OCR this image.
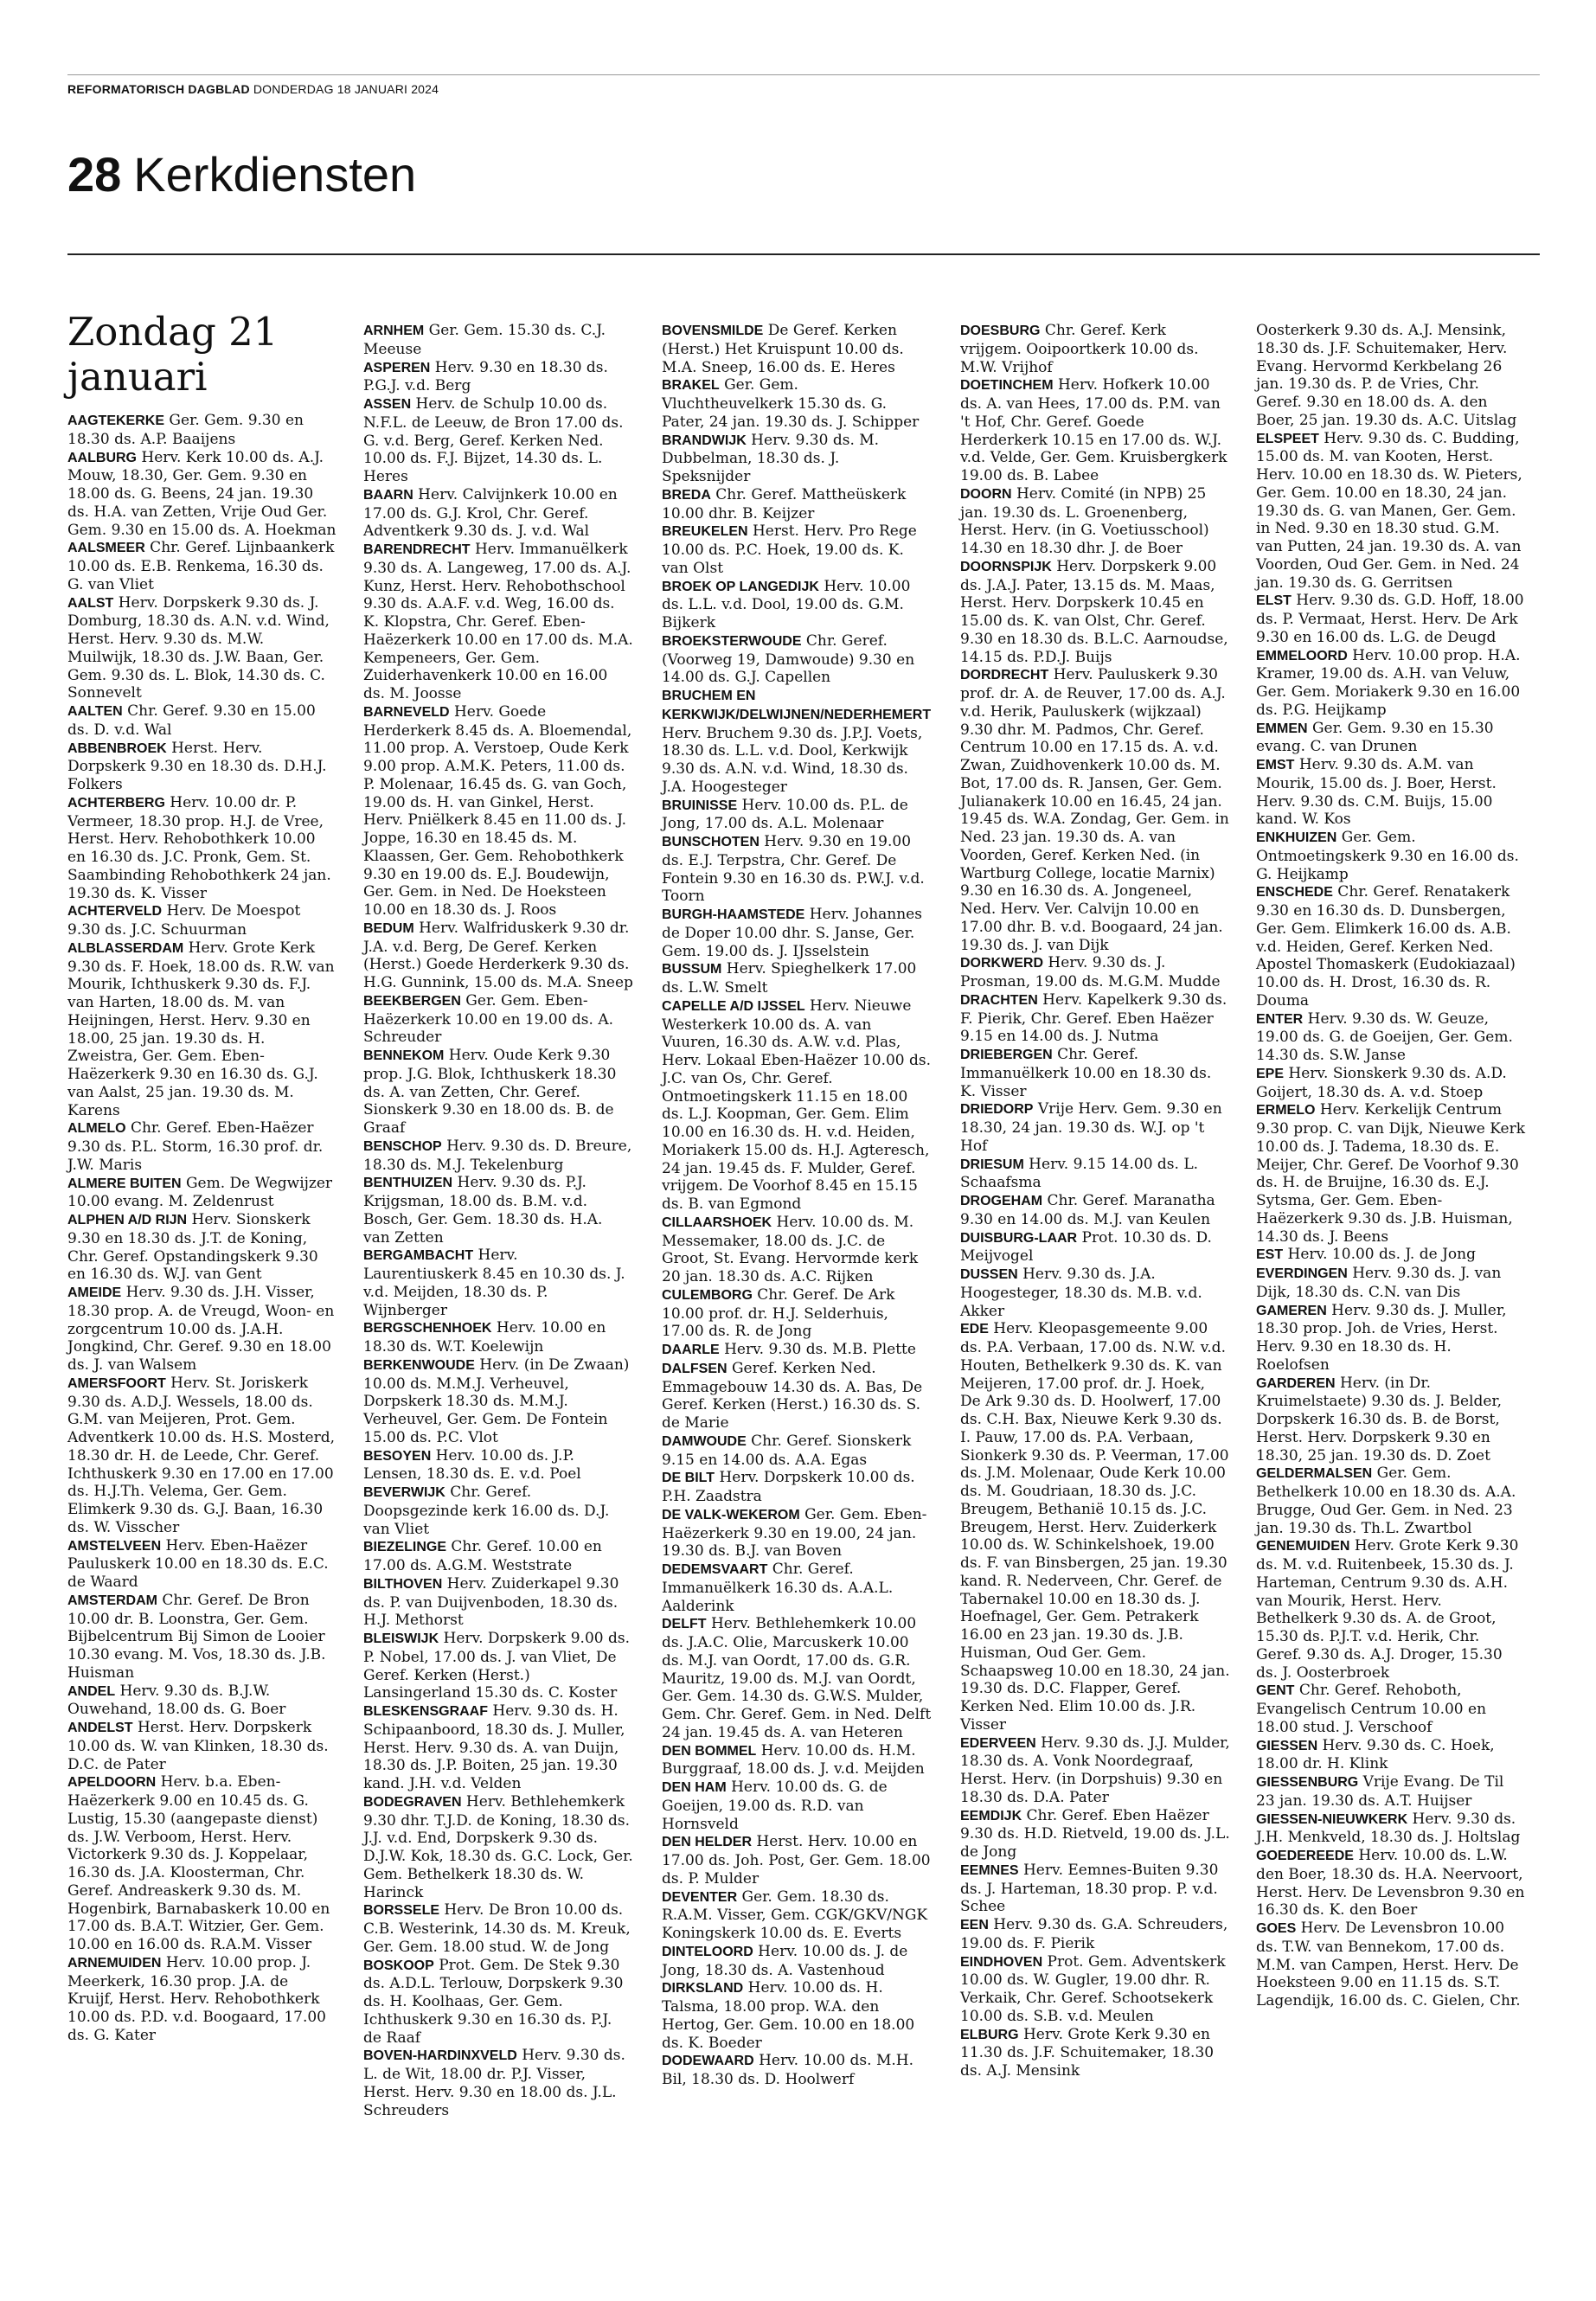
REFORMATORISCH DAGBLAD DONDERDAG 18 JANUARI 2024
28 Kerkdiensten
Zondag 21 januari

AAGTEKERKE Ger. Gem. 9.30 en 18.30 ds. A.P. Baaijens

AALBURG Herv. Kerk 10.00 ds. A.J. Mouw, 18.30, Ger. Gem. 9.30 en 18.00 ds. G. Beens, 24 jan. 19.30 ds. H.A. van Zetten, Vrije Oud Ger. Gem. 9.30 en 15.00 ds. A. Hoekman

AALSMEER Chr. Geref. Lijnbaankerk 10.00 ds. E.B. Renkema, 16.30 ds. G. van Vliet

AALST Herv. Dorpskerk 9.30 ds. J. Domburg, 18.30 ds. A.N. v.d. Wind, Herst. Herv. 9.30 ds. M.W. Muilwijk, 18.30 ds. J.W. Baan, Ger. Gem. 9.30 ds. L. Blok, 14.30 ds. C. Sonnevelt

AALTEN Chr. Geref. 9.30 en 15.00 ds. D. v.d. Wal

ABBENBROEK Herst. Herv. Dorpskerk 9.30 en 18.30 ds. D.H.J. Folkers

ACHTERBERG Herv. 10.00 dr. P. Vermeer, 18.30 prop. H.J. de Vree, Herst. Herv. Rehobothkerk 10.00 en 16.30 ds. J.C. Pronk, Gem. St. Saambinding Rehobothkerk 24 jan. 19.30 ds. K. Visser

ACHTERVELD Herv. De Moespot 9.30 ds. J.C. Schuurman

ALBLASSERDAM Herv. Grote Kerk 9.30 ds. F. Hoek, 18.00 ds. R.W. van Mourik, Ichthuskerk 9.30 ds. F.J. van Harten, 18.00 ds. M. van Heijningen, Herst. Herv. 9.30 en 18.00, 25 jan. 19.30 ds. H. Zweistra, Ger. Gem. Eben-Haëzerkerk 9.30 en 16.30 ds. G.J. van Aalst, 25 jan. 19.30 ds. M. Karens

ALMELO Chr. Geref. Eben-Haëzer 9.30 ds. P.L. Storm, 16.30 prof. dr. J.W. Maris

ALMERE BUITEN Gem. De Wegwijzer 10.00 evang. M. Zeldenrust

ALPHEN A/D RIJN Herv. Sionskerk 9.30 en 18.30 ds. J.T. de Koning, Chr. Geref. Opstandingskerk 9.30 en 16.30 ds. W.J. van Gent

AMEIDE Herv. 9.30 ds. J.H. Visser, 18.30 prop. A. de Vreugd, Woon- en zorgcentrum 10.00 ds. J.A.H. Jongkind, Chr. Geref. 9.30 en 18.00 ds. J. van Walsem

AMERSFOORT Herv. St. Joriskerk 9.30 ds. A.D.J. Wessels, 18.00 ds. G.M. van Meijeren, Prot. Gem. Adventkerk 10.00 ds. H.S. Mosterd, 18.30 dr. H. de Leede, Chr. Geref. Ichthuskerk 9.30 en 17.00 en 17.00 ds. H.J.Th. Velema, Ger. Gem. Elimkerk 9.30 ds. G.J. Baan, 16.30 ds. W. Visscher

AMSTELVEEN Herv. Eben-Haëzer Pauluskerk 10.00 en 18.30 ds. E.C. de Waard

AMSTERDAM Chr. Geref. De Bron 10.00 dr. B. Loonstra, Ger. Gem. Bijbelcentrum Bij Simon de Looier 10.30 evang. M. Vos, 18.30 ds. J.B. Huisman

ANDEL Herv. 9.30 ds. B.J.W. Ouwehand, 18.00 ds. G. Boer

ANDELST Herst. Herv. Dorpskerk 10.00 ds. W. van Klinken, 18.30 ds. D.C. de Pater

APELDOORN Herv. b.a. Eben-Haëzerkerk 9.00 en 10.45 ds. G. Lustig, 15.30 (aangepaste dienst) ds. J.W. Verboom, Herst. Herv. Victorkerk 9.30 ds. J. Koppelaar, 16.30 ds. J.A. Kloosterman, Chr. Geref. Andreaskerk 9.30 ds. M. Hogenbirk, Barnabaskerk 10.00 en 17.00 ds. B.A.T. Witzier, Ger. Gem. 10.00 en 16.00 ds. R.A.M. Visser

ARNEMUIDEN Herv. 10.00 prop. J. Meerkerk, 16.30 prop. J.A. de Kruijf, Herst. Herv. Rehobothkerk 10.00 ds. P.D. v.d. Boogaard, 17.00 ds. G. Kater

ARNHEM Ger. Gem. 15.30 ds. C.J. Meeuse

ASPEREN Herv. 9.30 en 18.30 ds. P.G.J. v.d. Berg

ASSEN Herv. de Schulp 10.00 ds. N.F.L. de Leeuw, de Bron 17.00 ds. G. v.d. Berg, Geref. Kerken Ned. 10.00 ds. F.J. Bijzet, 14.30 ds. L. Heres

BAARN Herv. Calvijnkerk 10.00 en 17.00 ds. G.J. Krol, Chr. Geref. Adventkerk 9.30 ds. J. v.d. Wal

BARENDRECHT Herv. Immanuëlkerk 9.30 ds. A. Langeweg, 17.00 ds. A.J. Kunz, Herst. Herv. Rehobothschool 9.30 ds. A.A.F. v.d. Weg, 16.00 ds. K. Klopstra, Chr. Geref. Eben-Haëzerkerk 10.00 en 17.00 ds. M.A. Kempeneers, Ger. Gem. Zuiderhavenkerk 10.00 en 16.00 ds. M. Joosse

BARNEVELD Herv. Goede Herderkerk 8.45 ds. A. Bloemendal, 11.00 prop. A. Verstoep, Oude Kerk 9.00 prop. A.M.K. Peters, 11.00 ds. P. Molenaar, 16.45 ds. G. van Goch, 19.00 ds. H. van Ginkel, Herst. Herv. Pniëlkerk 8.45 en 11.00 ds. J. Joppe, 16.30 en 18.45 ds. M. Klaassen, Ger. Gem. Rehobothkerk 9.30 en 19.00 ds. E.J. Boudewijn, Ger. Gem. in Ned. De Hoeksteen 10.00 en 18.30 ds. J. Roos

BEDUM Herv. Walfriduskerk 9.30 dr. J.A. v.d. Berg, De Geref. Kerken (Herst.) Goede Herderkerk 9.30 ds. H.G. Gunnink, 15.00 ds. M.A. Sneep

BEEKBERGEN Ger. Gem. Eben-Haëzerkerk 10.00 en 19.00 ds. A. Schreuder

BENNEKOM Herv. Oude Kerk 9.30 prop. J.G. Blok, Ichthuskerk 18.30 ds. A. van Zetten, Chr. Geref. Sionskerk 9.30 en 18.00 ds. B. de Graaf

BENSCHOP Herv. 9.30 ds. D. Breure, 18.30 ds. M.J. Tekelenburg

BENTHUIZEN Herv. 9.30 ds. P.J. Krijgsman, 18.00 ds. B.M. v.d. Bosch, Ger. Gem. 18.30 ds. H.A. van Zetten

BERGAMBACHT Herv. Laurentiuskerk 8.45 en 10.30 ds. J. v.d. Meijden, 18.30 ds. P. Wijnberger

BERGSCHENHOEK Herv. 10.00 en 18.30 ds. W.T. Koelewijn

BERKENWOUDE Herv. (in De Zwaan) 10.00 ds. M.M.J. Verheuvel, Dorpskerk 18.30 ds. M.M.J. Verheuvel, Ger. Gem. De Fontein 15.00 ds. P.C. Vlot

BESOYEN Herv. 10.00 ds. J.P. Lensen, 18.30 ds. E. v.d. Poel

BEVERWIJK Chr. Geref. Doopsgezinde kerk 16.00 ds. D.J. van Vliet

BIEZELINGE Chr. Geref. 10.00 en 17.00 ds. A.G.M. Weststrate

BILTHOVEN Herv. Zuiderkapel 9.30 ds. P. van Duijvenboden, 18.30 ds. H.J. Methorst

BLEISWIJK Herv. Dorpskerk 9.00 ds. P. Nobel, 17.00 ds. J. van Vliet, De Geref. Kerken (Herst.) Lansingerland 15.30 ds. C. Koster

BLESKENSGRAAF Herv. 9.30 ds. H. Schipaanboord, 18.30 ds. J. Muller, Herst. Herv. 9.30 ds. A. van Duijn, 18.30 ds. J.P. Boiten, 25 jan. 19.30 kand. J.H. v.d. Velden

BODEGRAVEN Herv. Bethlehemkerk 9.30 dhr. T.J.D. de Koning, 18.30 ds. J.J. v.d. End, Dorpskerk 9.30 ds. D.J.W. Kok, 18.30 ds. G.C. Lock, Ger. Gem. Bethelkerk 18.30 ds. W. Harinck

BORSSELE Herv. De Bron 10.00 ds. C.B. Westerink, 14.30 ds. M. Kreuk, Ger. Gem. 18.00 stud. W. de Jong

BOSKOOP Prot. Gem. De Stek 9.30 ds. A.D.L. Terlouw, Dorpskerk 9.30 ds. H. Koolhaas, Ger. Gem. Ichthuskerk 9.30 en 16.30 ds. P.J. de Raaf

BOVEN-HARDINXVELD Herv. 9.30 ds. L. de Wit, 18.00 dr. P.J. Visser, Herst. Herv. 9.30 en 18.00 ds. J.L. Schreuders

BOVENSMILDE De Geref. Kerken (Herst.) Het Kruispunt 10.00 ds. M.A. Sneep, 16.00 ds. E. Heres

BRAKEL Ger. Gem. Vluchtheuvelkerk 15.30 ds. G. Pater, 24 jan. 19.30 ds. J. Schipper

BRANDWIJK Herv. 9.30 ds. M. Dubbelman, 18.30 ds. J. Speksnijder

BREDA Chr. Geref. Mattheüskerk 10.00 dhr. B. Keijzer

BREUKELEN Herst. Herv. Pro Rege 10.00 ds. P.C. Hoek, 19.00 ds. K. van Olst

BROEK OP LANGEDIJK Herv. 10.00 ds. L.L. v.d. Dool, 19.00 ds. G.M. Bijkerk

BROEKSTERWOUDE Chr. Geref. (Voorweg 19, Damwoude) 9.30 en 14.00 ds. G.J. Capellen

BRUCHEM EN KERKWIJK/DELWIJNEN/NEDERHEMERT Herv. Bruchem 9.30 ds. J.P.J. Voets, 18.30 ds. L.L. v.d. Dool, Kerkwijk 9.30 ds. A.N. v.d. Wind, 18.30 ds. J.A. Hoogesteger

BRUINISSE Herv. 10.00 ds. P.L. de Jong, 17.00 ds. A.L. Molenaar

BUNSCHOTEN Herv. 9.30 en 19.00 ds. E.J. Terpstra, Chr. Geref. De Fontein 9.30 en 16.30 ds. P.W.J. v.d. Toorn

BURGH-HAAMSTEDE Herv. Johannes de Doper 10.00 dhr. S. Janse, Ger. Gem. 19.00 ds. J. IJsselstein

BUSSUM Herv. Spieghelkerk 17.00 ds. L.W. Smelt

CAPELLE A/D IJSSEL Herv. Nieuwe Westerkerk 10.00 ds. A. van Vuuren, 16.30 ds. A.W. v.d. Plas, Herv. Lokaal Eben-Haëzer 10.00 ds. J.C. van Os, Chr. Geref. Ontmoetingskerk 11.15 en 18.00 ds. L.J. Koopman, Ger. Gem. Elim 10.00 en 16.30 ds. H. v.d. Heiden, Moriakerk 15.00 ds. H.J. Agteresch, 24 jan. 19.45 ds. F. Mulder, Geref. vrijgem. De Voorhof 8.45 en 15.15 ds. B. van Egmond

CILLAARSHOEK Herv. 10.00 ds. M. Messemaker, 18.00 ds. J.C. de Groot, St. Evang. Hervormde kerk 20 jan. 18.30 ds. A.C. Rijken

CULEMBORG Chr. Geref. De Ark 10.00 prof. dr. H.J. Selderhuis, 17.00 ds. R. de Jong

DAARLE Herv. 9.30 ds. M.B. Plette

DALFSEN Geref. Kerken Ned. Emmagebouw 14.30 ds. A. Bas, De Geref. Kerken (Herst.) 16.30 ds. S. de Marie

DAMWOUDE Chr. Geref. Sionskerk 9.15 en 14.00 ds. A.A. Egas

DE BILT Herv. Dorpskerk 10.00 ds. P.H. Zaadstra

DE VALK-WEKEROM Ger. Gem. Eben-Haëzerkerk 9.30 en 19.00, 24 jan. 19.30 ds. B.J. van Boven

DEDEMSVAART Chr. Geref. Immanuëlkerk 16.30 ds. A.A.L. Aalderink

DELFT Herv. Bethlehemkerk 10.00 ds. J.A.C. Olie, Marcuskerk 10.00 ds. M.J. van Oordt, 17.00 ds. G.R. Mauritz, 19.00 ds. M.J. van Oordt, Ger. Gem. 14.30 ds. G.W.S. Mulder, Gem. Chr. Geref. Gem. in Ned. Delft 24 jan. 19.45 ds. A. van Heteren

DEN BOMMEL Herv. 10.00 ds. H.M. Burggraaf, 18.00 ds. J. v.d. Meijden

DEN HAM Herv. 10.00 ds. G. de Goeijen, 19.00 ds. R.D. van Hornsveld

DEN HELDER Herst. Herv. 10.00 en 17.00 ds. Joh. Post, Ger. Gem. 18.00 ds. P. Mulder

DEVENTER Ger. Gem. 18.30 ds. R.A.M. Visser, Gem. CGK/GKV/NGK Koningskerk 10.00 ds. E. Everts

DINTELOORD Herv. 10.00 ds. J. de Jong, 18.30 ds. A. Vastenhoud

DIRKSLAND Herv. 10.00 ds. H. Talsma, 18.00 prop. W.A. den Hertog, Ger. Gem. 10.00 en 18.00 ds. K. Boeder

DODEWAARD Herv. 10.00 ds. M.H. Bil, 18.30 ds. D. Hoolwerf

DOESBURG Chr. Geref. Kerk vrijgem. Ooipoortkerk 10.00 ds. M.W. Vrijhof

DOETINCHEM Herv. Hofkerk 10.00 ds. A. van Hees, 17.00 ds. P.M. van 't Hof, Chr. Geref. Goede Herderkerk 10.15 en 17.00 ds. W.J. v.d. Velde, Ger. Gem. Kruisbergkerk 19.00 ds. B. Labee

DOORN Herv. Comité (in NPB) 25 jan. 19.30 ds. L. Groenenberg, Herst. Herv. (in G. Voetiusschool) 14.30 en 18.30 dhr. J. de Boer

DOORNSPIJK Herv. Dorpskerk 9.00 ds. J.A.J. Pater, 13.15 ds. M. Maas, Herst. Herv. Dorpskerk 10.45 en 15.00 ds. K. van Olst, Chr. Geref. 9.30 en 18.30 ds. B.L.C. Aarnoudse, 14.15 ds. P.D.J. Buijs

DORDRECHT Herv. Pauluskerk 9.30 prof. dr. A. de Reuver, 17.00 ds. A.J. v.d. Herik, Pauluskerk (wijkzaal) 9.30 dhr. M. Padmos, Chr. Geref. Centrum 10.00 en 17.15 ds. A. v.d. Zwan, Zuidhovenkerk 10.00 ds. M. Bot, 17.00 ds. R. Jansen, Ger. Gem. Julianakerk 10.00 en 16.45, 24 jan. 19.45 ds. W.A. Zondag, Ger. Gem. in Ned. 23 jan. 19.30 ds. A. van Voorden, Geref. Kerken Ned. (in Wartburg College, locatie Marnix) 9.30 en 16.30 ds. A. Jongeneel, Ned. Herv. Ver. Calvijn 10.00 en 17.00 dhr. B. v.d. Boogaard, 24 jan. 19.30 ds. J. van Dijk

DORKWERD Herv. 9.30 ds. J. Prosman, 19.00 ds. M.G.M. Mudde

DRACHTEN Herv. Kapelkerk 9.30 ds. F. Pierik, Chr. Geref. Eben Haëzer 9.15 en 14.00 ds. J. Nutma

DRIEBERGEN Chr. Geref. Immanuëlkerk 10.00 en 18.30 ds. K. Visser

DRIEDORP Vrije Herv. Gem. 9.30 en 18.30, 24 jan. 19.30 ds. W.J. op 't Hof

DRIESUM Herv. 9.15 14.00 ds. L. Schaafsma

DROGEHAM Chr. Geref. Maranatha 9.30 en 14.00 ds. M.J. van Keulen

DUISBURG-LAAR Prot. 10.30 ds. D. Meijvogel

DUSSEN Herv. 9.30 ds. J.A. Hoogesteger, 18.30 ds. M.B. v.d. Akker

EDE Herv. Kleopasgemeente 9.00 ds. P.A. Verbaan, 17.00 ds. N.W. v.d. Houten, Bethelkerk 9.30 ds. K. van Meijeren, 17.00 prof. dr. J. Hoek, De Ark 9.30 ds. D. Hoolwerf, 17.00 ds. C.H. Bax, Nieuwe Kerk 9.30 ds. I. Pauw, 17.00 ds. P.A. Verbaan, Sionkerk 9.30 ds. P. Veerman, 17.00 ds. J.M. Molenaar, Oude Kerk 10.00 ds. M. Goudriaan, 18.30 ds. J.C. Breugem, Bethanië 10.15 ds. J.C. Breugem, Herst. Herv. Zuiderkerk 10.00 ds. W. Schinkelshoek, 19.00 ds. F. van Binsbergen, 25 jan. 19.30 kand. R. Nederveen, Chr. Geref. de Tabernakel 10.00 en 18.30 ds. J. Hoefnagel, Ger. Gem. Petrakerk 16.00 en 23 jan. 19.30 ds. J.B. Huisman, Oud Ger. Gem. Schaapsweg 10.00 en 18.30, 24 jan. 19.30 ds. D.C. Flapper, Geref. Kerken Ned. Elim 10.00 ds. J.R. Visser

EDERVEEN Herv. 9.30 ds. J.J. Mulder, 18.30 ds. A. Vonk Noordegraaf, Herst. Herv. (in Dorpshuis) 9.30 en 18.30 ds. D.A. Pater

EEMDIJK Chr. Geref. Eben Haëzer 9.30 ds. H.D. Rietveld, 19.00 ds. J.L. de Jong

EEMNES Herv. Eemnes-Buiten 9.30 ds. J. Harteman, 18.30 prop. P. v.d. Schee

EEN Herv. 9.30 ds. G.A. Schreuders, 19.00 ds. F. Pierik

EINDHOVEN Prot. Gem. Adventskerk 10.00 ds. W. Gugler, 19.00 dhr. R. Verkaik, Chr. Geref. Schootsekerk 10.00 ds. S.B. v.d. Meulen

ELBURG Herv. Grote Kerk 9.30 en 11.30 ds. J.F. Schuitemaker, 18.30 ds. A.J. Mensink

Oosterkerk 9.30 ds. A.J. Mensink, 18.30 ds. J.F. Schuitemaker, Herv. Evang. Hervormd Kerkbelang 26 jan. 19.30 ds. P. de Vries, Chr. Geref. 9.30 en 18.00 ds. A. den Boer, 25 jan. 19.30 ds. A.C. Uitslag

ELSPEET Herv. 9.30 ds. C. Budding, 15.00 ds. M. van Kooten, Herst. Herv. 10.00 en 18.30 ds. W. Pieters, Ger. Gem. 10.00 en 18.30, 24 jan. 19.30 ds. G. van Manen, Ger. Gem. in Ned. 9.30 en 18.30 stud. G.M. van Putten, 24 jan. 19.30 ds. A. van Voorden, Oud Ger. Gem. in Ned. 24 jan. 19.30 ds. G. Gerritsen

ELST Herv. 9.30 ds. G.D. Hoff, 18.00 ds. P. Vermaat, Herst. Herv. De Ark 9.30 en 16.00 ds. L.G. de Deugd

EMMELOORD Herv. 10.00 prop. H.A. Kramer, 19.00 ds. A.H. van Veluw, Ger. Gem. Moriakerk 9.30 en 16.00 ds. P.G. Heijkamp

EMMEN Ger. Gem. 9.30 en 15.30 evang. C. van Drunen

EMST Herv. 9.30 ds. A.M. van Mourik, 15.00 ds. J. Boer, Herst. Herv. 9.30 ds. C.M. Buijs, 15.00 kand. W. Kos

ENKHUIZEN Ger. Gem. Ontmoetingskerk 9.30 en 16.00 ds. G. Heijkamp

ENSCHEDE Chr. Geref. Renatakerk 9.30 en 16.30 ds. D. Dunsbergen, Ger. Gem. Elimkerk 16.00 ds. A.B. v.d. Heiden, Geref. Kerken Ned. Apostel Thomaskerk (Eudokiazaal) 10.00 ds. H. Drost, 16.30 ds. R. Douma

ENTER Herv. 9.30 ds. W. Geuze, 19.00 ds. G. de Goeijen, Ger. Gem. 14.30 ds. S.W. Janse

EPE Herv. Sionskerk 9.30 ds. A.D. Goijert, 18.30 ds. A. v.d. Stoep

ERMELO Herv. Kerkelijk Centrum 9.30 prop. C. van Dijk, Nieuwe Kerk 10.00 ds. J. Tadema, 18.30 ds. E. Meijer, Chr. Geref. De Voorhof 9.30 ds. H. de Bruijne, 16.30 ds. E.J. Sytsma, Ger. Gem. Eben-Haëzerkerk 9.30 ds. J.B. Huisman, 14.30 ds. J. Beens

EST Herv. 10.00 ds. J. de Jong

EVERDINGEN Herv. 9.30 ds. J. van Dijk, 18.30 ds. C.N. van Dis

GAMEREN Herv. 9.30 ds. J. Muller, 18.30 prop. Joh. de Vries, Herst. Herv. 9.30 en 18.30 ds. H. Roelofsen

GARDEREN Herv. (in Dr. Kruimelstaete) 9.30 ds. J. Belder, Dorpskerk 16.30 ds. B. de Borst, Herst. Herv. Dorpskerk 9.30 en 18.30, 25 jan. 19.30 ds. D. Zoet

GELDERMALSEN Ger. Gem. Bethelkerk 10.00 en 18.30 ds. A.A. Brugge, Oud Ger. Gem. in Ned. 23 jan. 19.30 ds. Th.L. Zwartbol

GENEMUIDEN Herv. Grote Kerk 9.30 ds. M. v.d. Ruitenbeek, 15.30 ds. J. Harteman, Centrum 9.30 ds. A.H. van Mourik, Herst. Herv. Bethelkerk 9.30 ds. A. de Groot, 15.30 ds. P.J.T. v.d. Herik, Chr. Geref. 9.30 ds. A.J. Droger, 15.30 ds. J. Oosterbroek

GENT Chr. Geref. Rehoboth, Evangelisch Centrum 10.00 en 18.00 stud. J. Verschoof

GIESSEN Herv. 9.30 ds. C. Hoek, 18.00 dr. H. Klink

GIESSENBURG Vrije Evang. De Til 23 jan. 19.30 ds. A.T. Huijser

GIESSEN-NIEUWKERK Herv. 9.30 ds. J.H. Menkveld, 18.30 ds. J. Holtslag

GOEDEREEDE Herv. 10.00 ds. L.W. den Boer, 18.30 ds. H.A. Neervoort, Herst. Herv. De Levensbron 9.30 en 16.30 ds. K. den Boer

GOES Herv. De Levensbron 10.00 ds. T.W. van Bennekom, 17.00 ds. M.M. van Campen, Herst. Herv. De Hoeksteen 9.00 en 11.15 ds. S.T. Lagendijk, 16.00 ds. C. Gielen, Chr.
